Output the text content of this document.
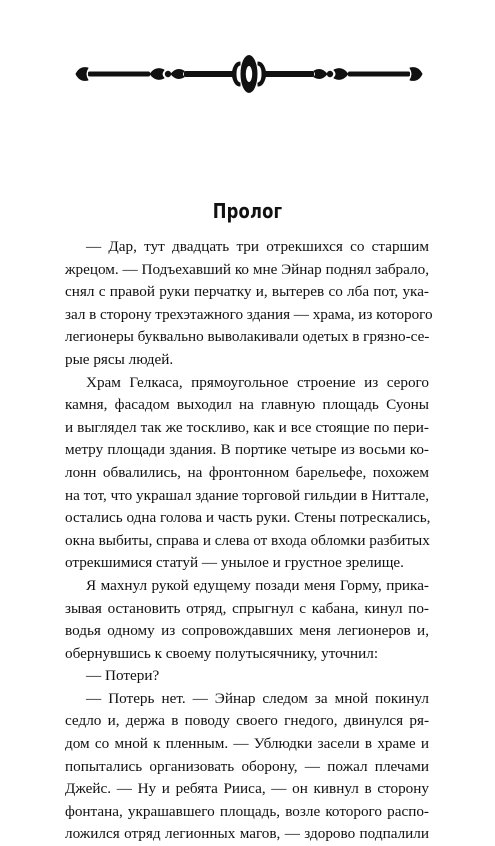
Пролог

— Дар, тут двадцать три отрекшихся со старшим
жрецом. — Подъехавший ко мне Эйнар поднял забрало,
снял с правой руки перчатку и, вытерев со лба пот, ука-
зал в сторону трехэтажного здания — храма, из которого
легионеры буквально выволакивали одетых в грязно-се-
рые рясы людей.

Храм Гелкаса, прямоугольное строение из серого
камня, фасадом выходил на главную площадь Суоны
и выглядел так же тоскливо, как и все стоящие по пери-
метру площади здания. В портике четыре из восьми ко-
лонн обвалились, на фронтонном барельефе, похожем
на тот, что украшал здание торговой гильдии в Ниттале,
остались одна голова и часть руки. Стены потрескались,
окна выбиты, справа и слева от входа обломки разбитых
отрекшимися статуй — унылое и грустное зрелище.

Я махнул рукой едущему позади меня Горму, прика-
зывая остановить отряд, спрыгнул с кабана, кинул по-
водья одному из сопровождавших меня легионеров и,
обернувшись к своему полутысячнику, уточнил:

— Потери?

— Потерь нет. — Эйнар следом за мной покинул
седло и, держа в поводу своего гнедого, двинулся ря-
дом со мной к пленным. — Ублюдки засели в храме и
попытались организовать оборону, — пожал плечами
Джейс. — Ну и ребята Рииса, — он кивнул в сторону
фонтана, украшавшего площадь, возле которого распо-
ложился отряд легионных магов, — здорово подпалили
